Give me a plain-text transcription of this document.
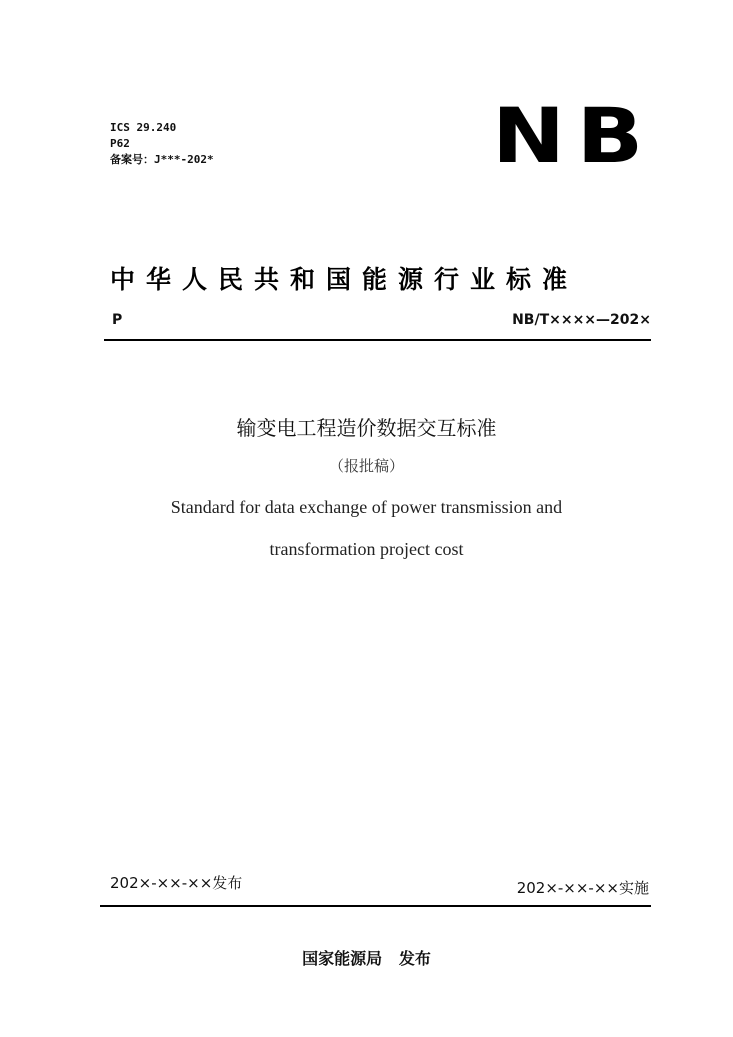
ICS 29.240
P62
备案号：J***-202*	NB
中华人民共和国能源行业标准
P	NB/T××××—202×
输变电工程造价数据交互标准
（报批稿）
Standard for data exchange of power transmission and
transformation project cost
202×-××-××发布	202×-××-××实施
国家能源局   发布
